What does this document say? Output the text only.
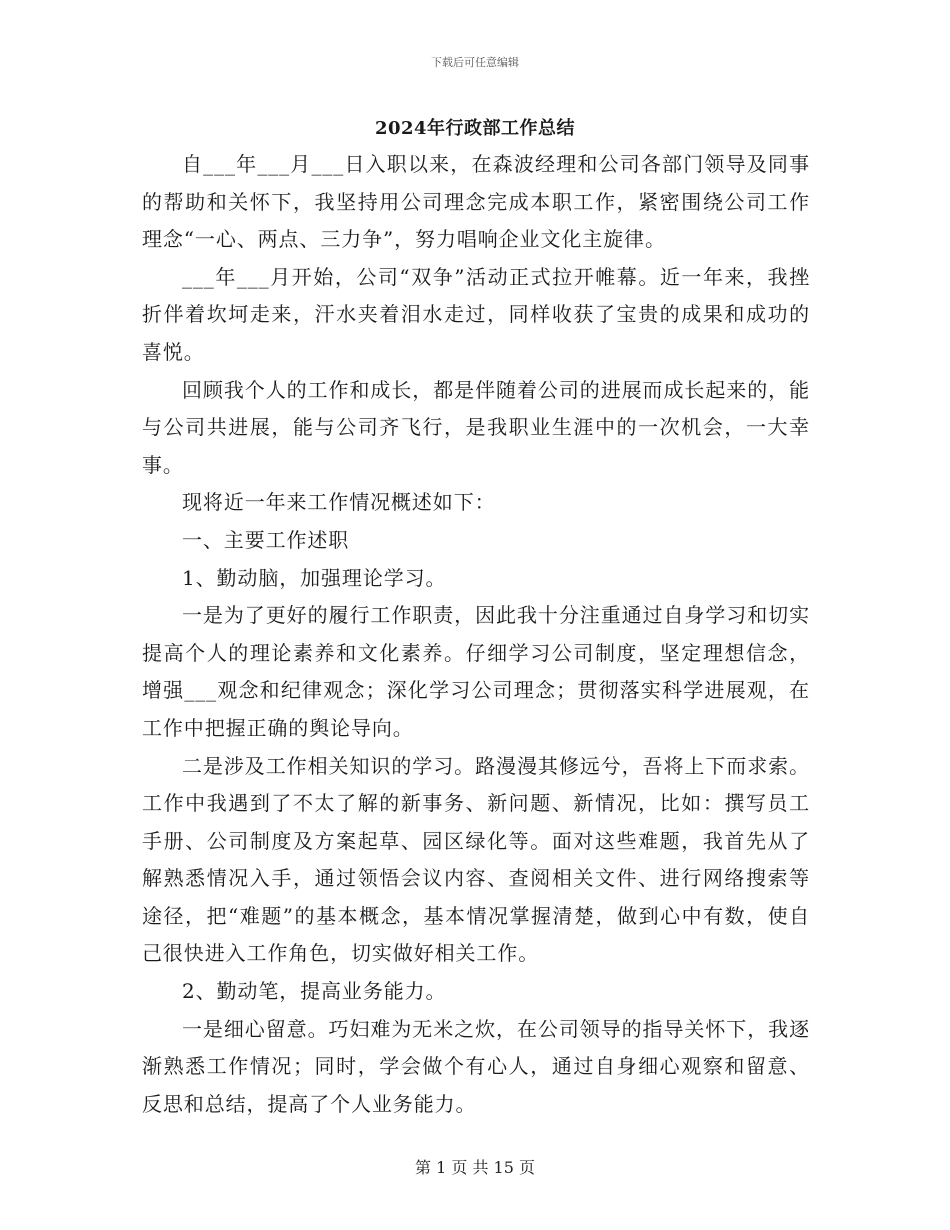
下载后可任意编辑
2024年行政部工作总结

自___年___月___日入职以来，在森波经理和公司各部门领导及同事的帮助和关怀下，我坚持用公司理念完成本职工作，紧密围绕公司工作理念“一心、两点、三力争”，努力唱响企业文化主旋律。

___年___月开始，公司“双争”活动正式拉开帷幕。近一年来，我挫折伴着坎坷走来，汗水夹着泪水走过，同样收获了宝贵的成果和成功的喜悦。

回顾我个人的工作和成长，都是伴随着公司的进展而成长起来的，能与公司共进展，能与公司齐飞行，是我职业生涯中的一次机会，一大幸事。

现将近一年来工作情况概述如下：

一、主要工作述职

1、勤动脑，加强理论学习。

一是为了更好的履行工作职责，因此我十分注重通过自身学习和切实提高个人的理论素养和文化素养。仔细学习公司制度，坚定理想信念，增强___观念和纪律观念；深化学习公司理念；贯彻落实科学进展观，在工作中把握正确的舆论导向。

二是涉及工作相关知识的学习。路漫漫其修远兮，吾将上下而求索。工作中我遇到了不太了解的新事务、新问题、新情况，比如：撰写员工手册、公司制度及方案起草、园区绿化等。面对这些难题，我首先从了解熟悉情况入手，通过领悟会议内容、查阅相关文件、进行网络搜索等途径，把“难题”的基本概念，基本情况掌握清楚，做到心中有数，使自己很快进入工作角色，切实做好相关工作。

2、勤动笔，提高业务能力。

一是细心留意。巧妇难为无米之炊，在公司领导的指导关怀下，我逐渐熟悉工作情况；同时，学会做个有心人，通过自身细心观察和留意、反思和总结，提高了个人业务能力。

第 1 页 共 15 页
